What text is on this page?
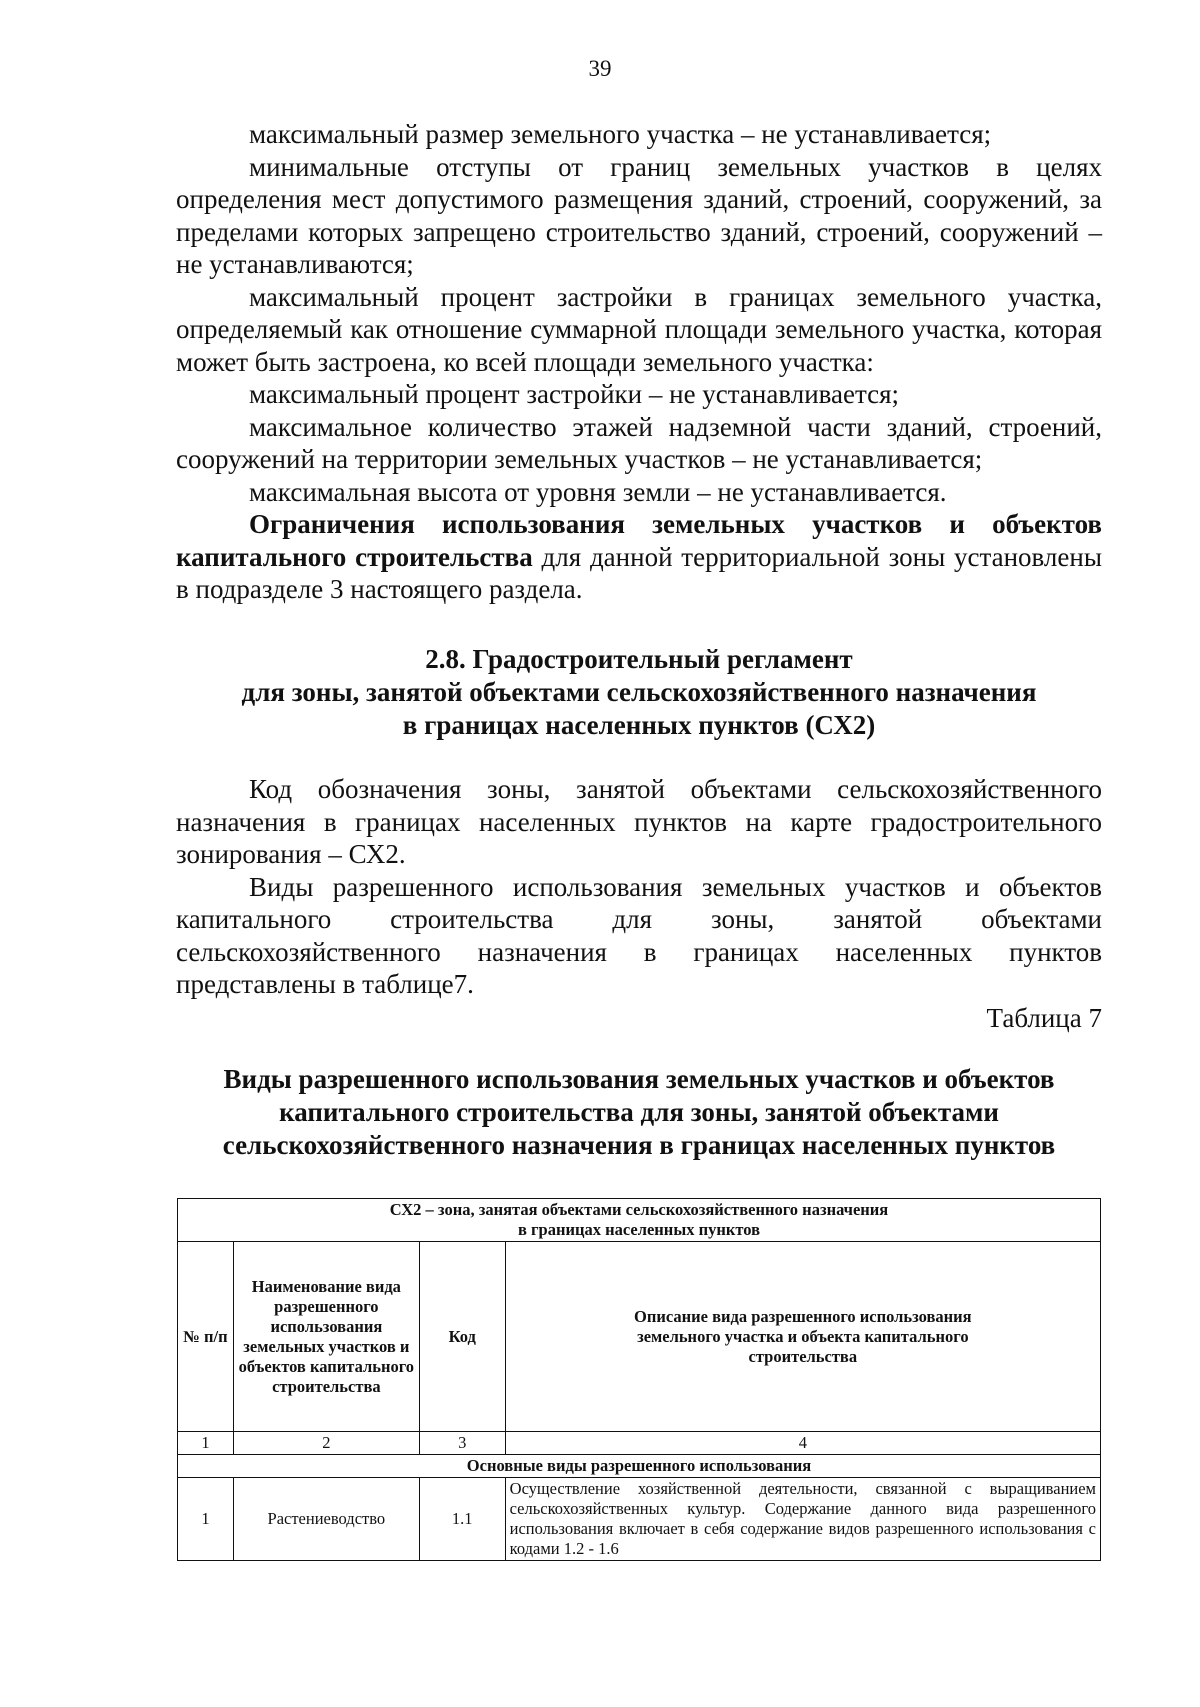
39

максимальный размер земельного участка – не устанавливается;

минимальные отступы от границ земельных участков в целях определения мест допустимого размещения зданий, строений, сооружений, за пределами которых запрещено строительство зданий, строений, сооружений – не устанавливаются;

максимальный процент застройки в границах земельного участка, определяемый как отношение суммарной площади земельного участка, которая может быть застроена, ко всей площади земельного участка:

максимальный процент застройки – не устанавливается;

максимальное количество этажей надземной части зданий, строений, сооружений на территории земельных участков – не устанавливается;

максимальная высота от уровня земли – не устанавливается.

Ограничения использования земельных участков и объектов капитального строительства для данной территориальной зоны установлены в подразделе 3 настоящего раздела.

2.8. Градостроительный регламент
для зоны, занятой объектами сельскохозяйственного назначения
в границах населенных пунктов (СХ2)

Код обозначения зоны, занятой объектами сельскохозяйственного назначения в границах населенных пунктов на карте градостроительного зонирования – СХ2.

Виды разрешенного использования земельных участков и объектов капитального строительства для зоны, занятой объектами сельскохозяйственного назначения в границах населенных пунктов представлены в таблице7.

Таблица 7
Виды разрешенного использования земельных участков и объектов
капитального строительства для зоны, занятой объектами
сельскохозяйственного назначения в границах населенных пунктов
СХ2 – зона, занятая объектами сельскохозяйственного назначения
в границах населенных пунктов			

№ п/п	Наименование вида разрешенного использования земельных участков и объектов капитального строительства	Код	Описание вида разрешенного использования земельного участка и объекта капитального строительства
1	2	3	4
Основные виды разрешенного использования			
1	Растениеводство	1.1	Осуществление хозяйственной деятельности, связанной с выращиванием сельскохозяйственных культур. Содержание данного вида разрешенного использования включает в себя содержание видов разрешенного использования с кодами 1.2 - 1.6
